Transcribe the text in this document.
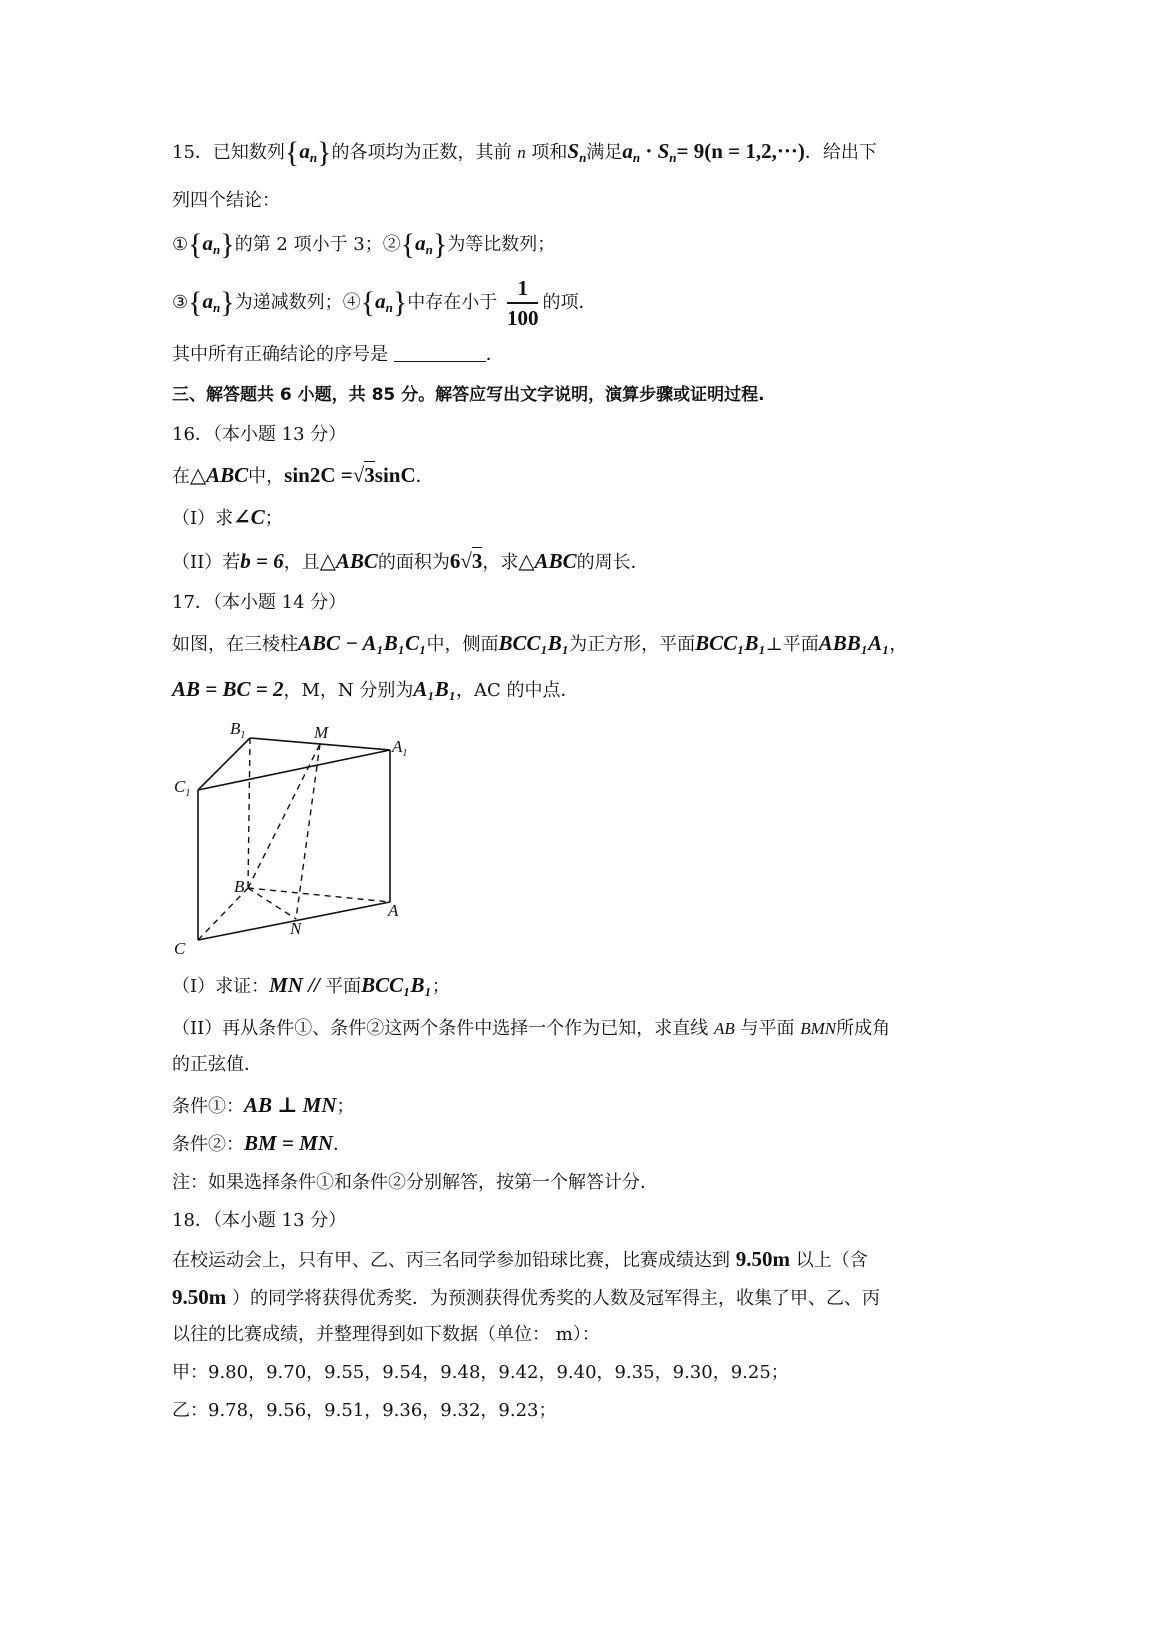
15．已知数列$\{a_n\}$的各项均为正数，其前 n 项和$S_n$满足$a_n \cdot S_n= 9(n = 1,2,\cdot\cdot\cdot)$．给出下
列四个结论：
$①\{a_n\}$的第 2 项小于 3；$②\{a_n\}$为等比数列；
$③\{a_n\}$为递减数列；$④\{a_n\}$中存在小于 $\frac{1}{100}$ 的项．
其中所有正确结论的序号是	．
三、解答题共 6 小题，共 85 分。解答应写出文字说明，演算步骤或证明过程.
16．（本小题 13 分）
在△ABC中，sin2C =√3sinC．
（I）求∠C；
（II）若b = 6，且△ABC的面积为6√3，求△ABC的周长．
17．（本小题 14 分）
如图，在三棱柱ABC − A₁B₁C₁中，侧面BCC₁B₁为正方形，平面BCC₁B₁⊥平面ABB₁A₁，
AB = BC = 2，M，N 分别为A₁B₁，AC 的中点．
$B_1$	M
$A_1$
$C_1$
B
A
N
C
（I）求证：MN // 平面BCC₁B₁；
（II）再从条件①、条件②这两个条件中选择一个作为已知，求直线 AB 与平面 BMN所成角
的正弦值．
条件①：AB ⊥ MN；
条件②：BM = MN．
注：如果选择条件①和条件②分别解答，按第一个解答计分．
18．（本小题 13 分）
在校运动会上，只有甲、乙、丙三名同学参加铅球比赛，比赛成绩达到 9.50m 以上（含
9.50m ）的同学将获得优秀奖．为预测获得优秀奖的人数及冠军得主，收集了甲、乙、丙
以往的比赛成绩，并整理得到如下数据（单位： m）：
甲：9.80，9.70，9.55，9.54，9.48，9.42，9.40，9.35，9.30，9.25；
乙：9.78，9.56，9.51，9.36，9.32，9.23；
